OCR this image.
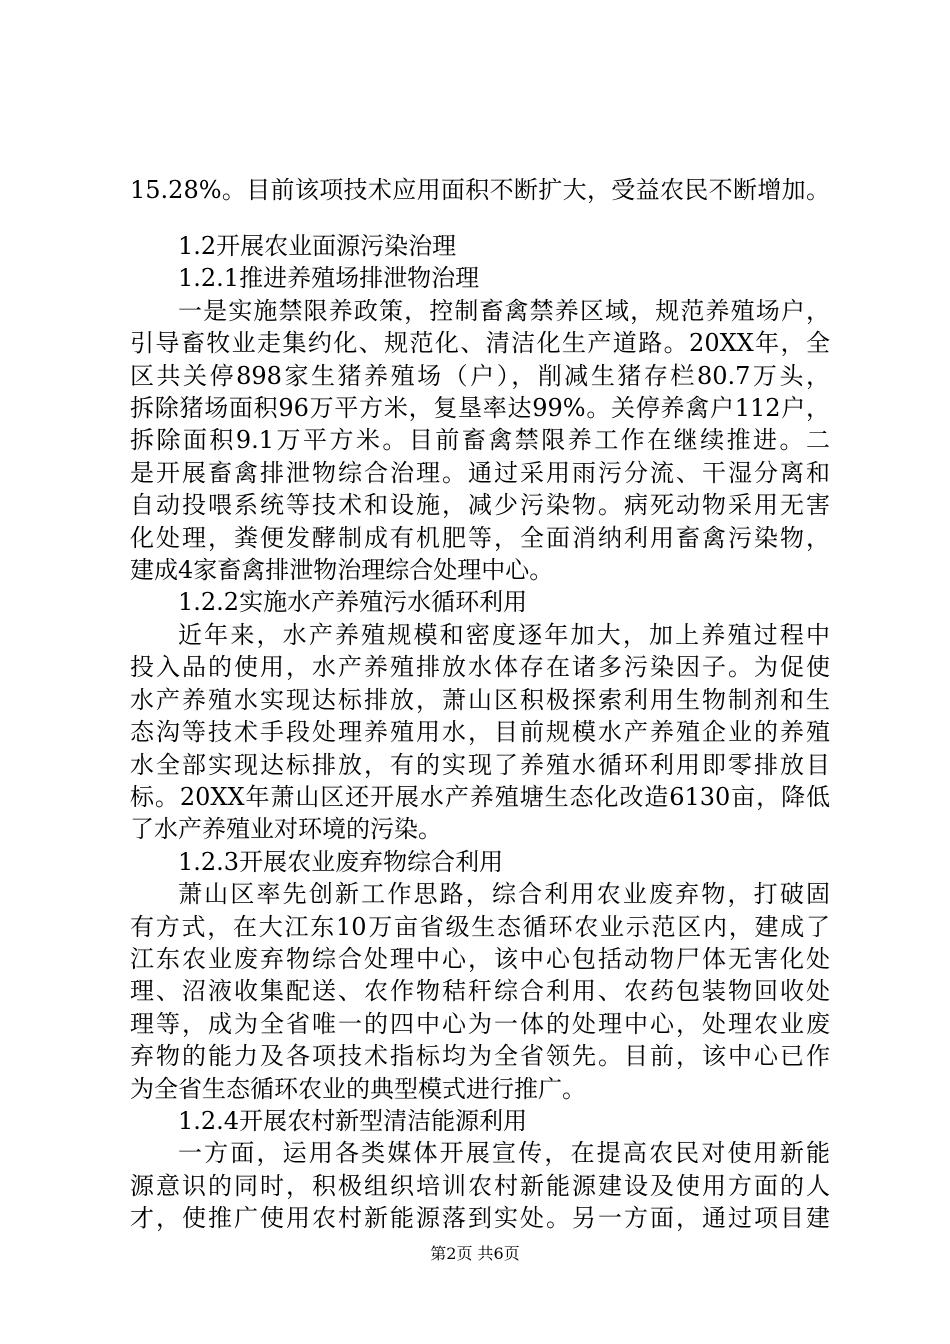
15.28%。目前该项技术应用面积不断扩大，受益农民不断增加。
1.2开展农业面源污染治理
1.2.1推进养殖场排泄物治理
一是实施禁限养政策，控制畜禽禁养区域，规范养殖场户，
引导畜牧业走集约化、规范化、清洁化生产道路。20XX年，全
区共关停898家生猪养殖场（户），削减生猪存栏80.7万头，
拆除猪场面积96万平方米，复垦率达99%。关停养禽户112户，
拆除面积9.1万平方米。目前畜禽禁限养工作在继续推进。二
是开展畜禽排泄物综合治理。通过采用雨污分流、干湿分离和
自动投喂系统等技术和设施，减少污染物。病死动物采用无害
化处理，粪便发酵制成有机肥等，全面消纳利用畜禽污染物，
建成4家畜禽排泄物治理综合处理中心。
1.2.2实施水产养殖污水循环利用
近年来，水产养殖规模和密度逐年加大，加上养殖过程中
投入品的使用，水产养殖排放水体存在诸多污染因子。为促使
水产养殖水实现达标排放，萧山区积极探索利用生物制剂和生
态沟等技术手段处理养殖用水，目前规模水产养殖企业的养殖
水全部实现达标排放，有的实现了养殖水循环利用即零排放目
标。20XX年萧山区还开展水产养殖塘生态化改造6130亩，降低
了水产养殖业对环境的污染。
1.2.3开展农业废弃物综合利用
萧山区率先创新工作思路，综合利用农业废弃物，打破固
有方式，在大江东10万亩省级生态循环农业示范区内，建成了
江东农业废弃物综合处理中心，该中心包括动物尸体无害化处
理、沼液收集配送、农作物秸秆综合利用、农药包装物回收处
理等，成为全省唯一的四中心为一体的处理中心，处理农业废
弃物的能力及各项技术指标均为全省领先。目前，该中心已作
为全省生态循环农业的典型模式进行推广。
1.2.4开展农村新型清洁能源利用
一方面，运用各类媒体开展宣传，在提高农民对使用新能
源意识的同时，积极组织培训农村新能源建设及使用方面的人
才，使推广使用农村新能源落到实处。另一方面，通过项目建
第2页 共6页
